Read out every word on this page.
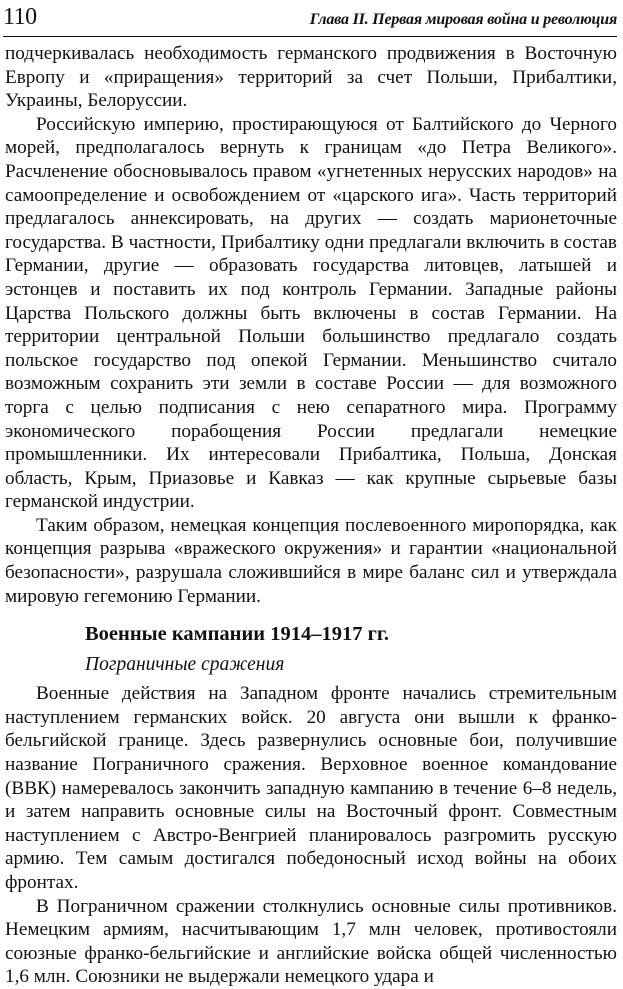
110	Глава II. Первая мировая война и революция

подчеркивалась необходимость германского продвижения в Восточную Европу и «приращения» территорий за счет Польши, Прибалтики, Украины, Белоруссии.

Российскую империю, простирающуюся от Балтийского до Черного морей, предполагалось вернуть к границам «до Петра Великого». Расчленение обосновывалось правом «угнетенных нерусских народов» на самоопределение и освобождением от «царского ига». Часть территорий предлагалось аннексировать, на других — создать марионеточные государства. В частности, Прибалтику одни предлагали включить в состав Германии, другие — образовать государства литовцев, латышей и эстонцев и поставить их под контроль Германии. Западные районы Царства Польского должны быть включены в состав Германии. На территории центральной Польши большинство предлагало создать польское государство под опекой Германии. Меньшинство считало возможным сохранить эти земли в составе России — для возможного торга с целью подписания с нею сепаратного мира. Программу экономического порабощения России предлагали немецкие промышленники. Их интересовали Прибалтика, Польша, Донская область, Крым, Приазовье и Кавказ — как крупные сырьевые базы германской индустрии.

Таким образом, немецкая концепция послевоенного миропорядка, как концепция разрыва «вражеского окружения» и гарантии «национальной безопасности», разрушала сложившийся в мире баланс сил и утверждала мировую гегемонию Германии.

Военные кампании 1914–1917 гг.
Пограничные сражения

Военные действия на Западном фронте начались стремительным наступлением германских войск. 20 августа они вышли к франко-бельгийской границе. Здесь развернулись основные бои, получившие название Пограничного сражения. Верховное военное командование (ВВК) намеревалось закончить западную кампанию в течение 6–8 недель, и затем направить основные силы на Восточный фронт. Совместным наступлением с Австро-Венгрией планировалось разгромить русскую армию. Тем самым достигался победоносный исход войны на обоих фронтах.

В Пограничном сражении столкнулись основные силы противников. Немецким армиям, насчитывающим 1,7 млн человек, противостояли союзные франко-бельгийские и английские войска общей численностью 1,6 млн. Союзники не выдержали немецкого удара и
